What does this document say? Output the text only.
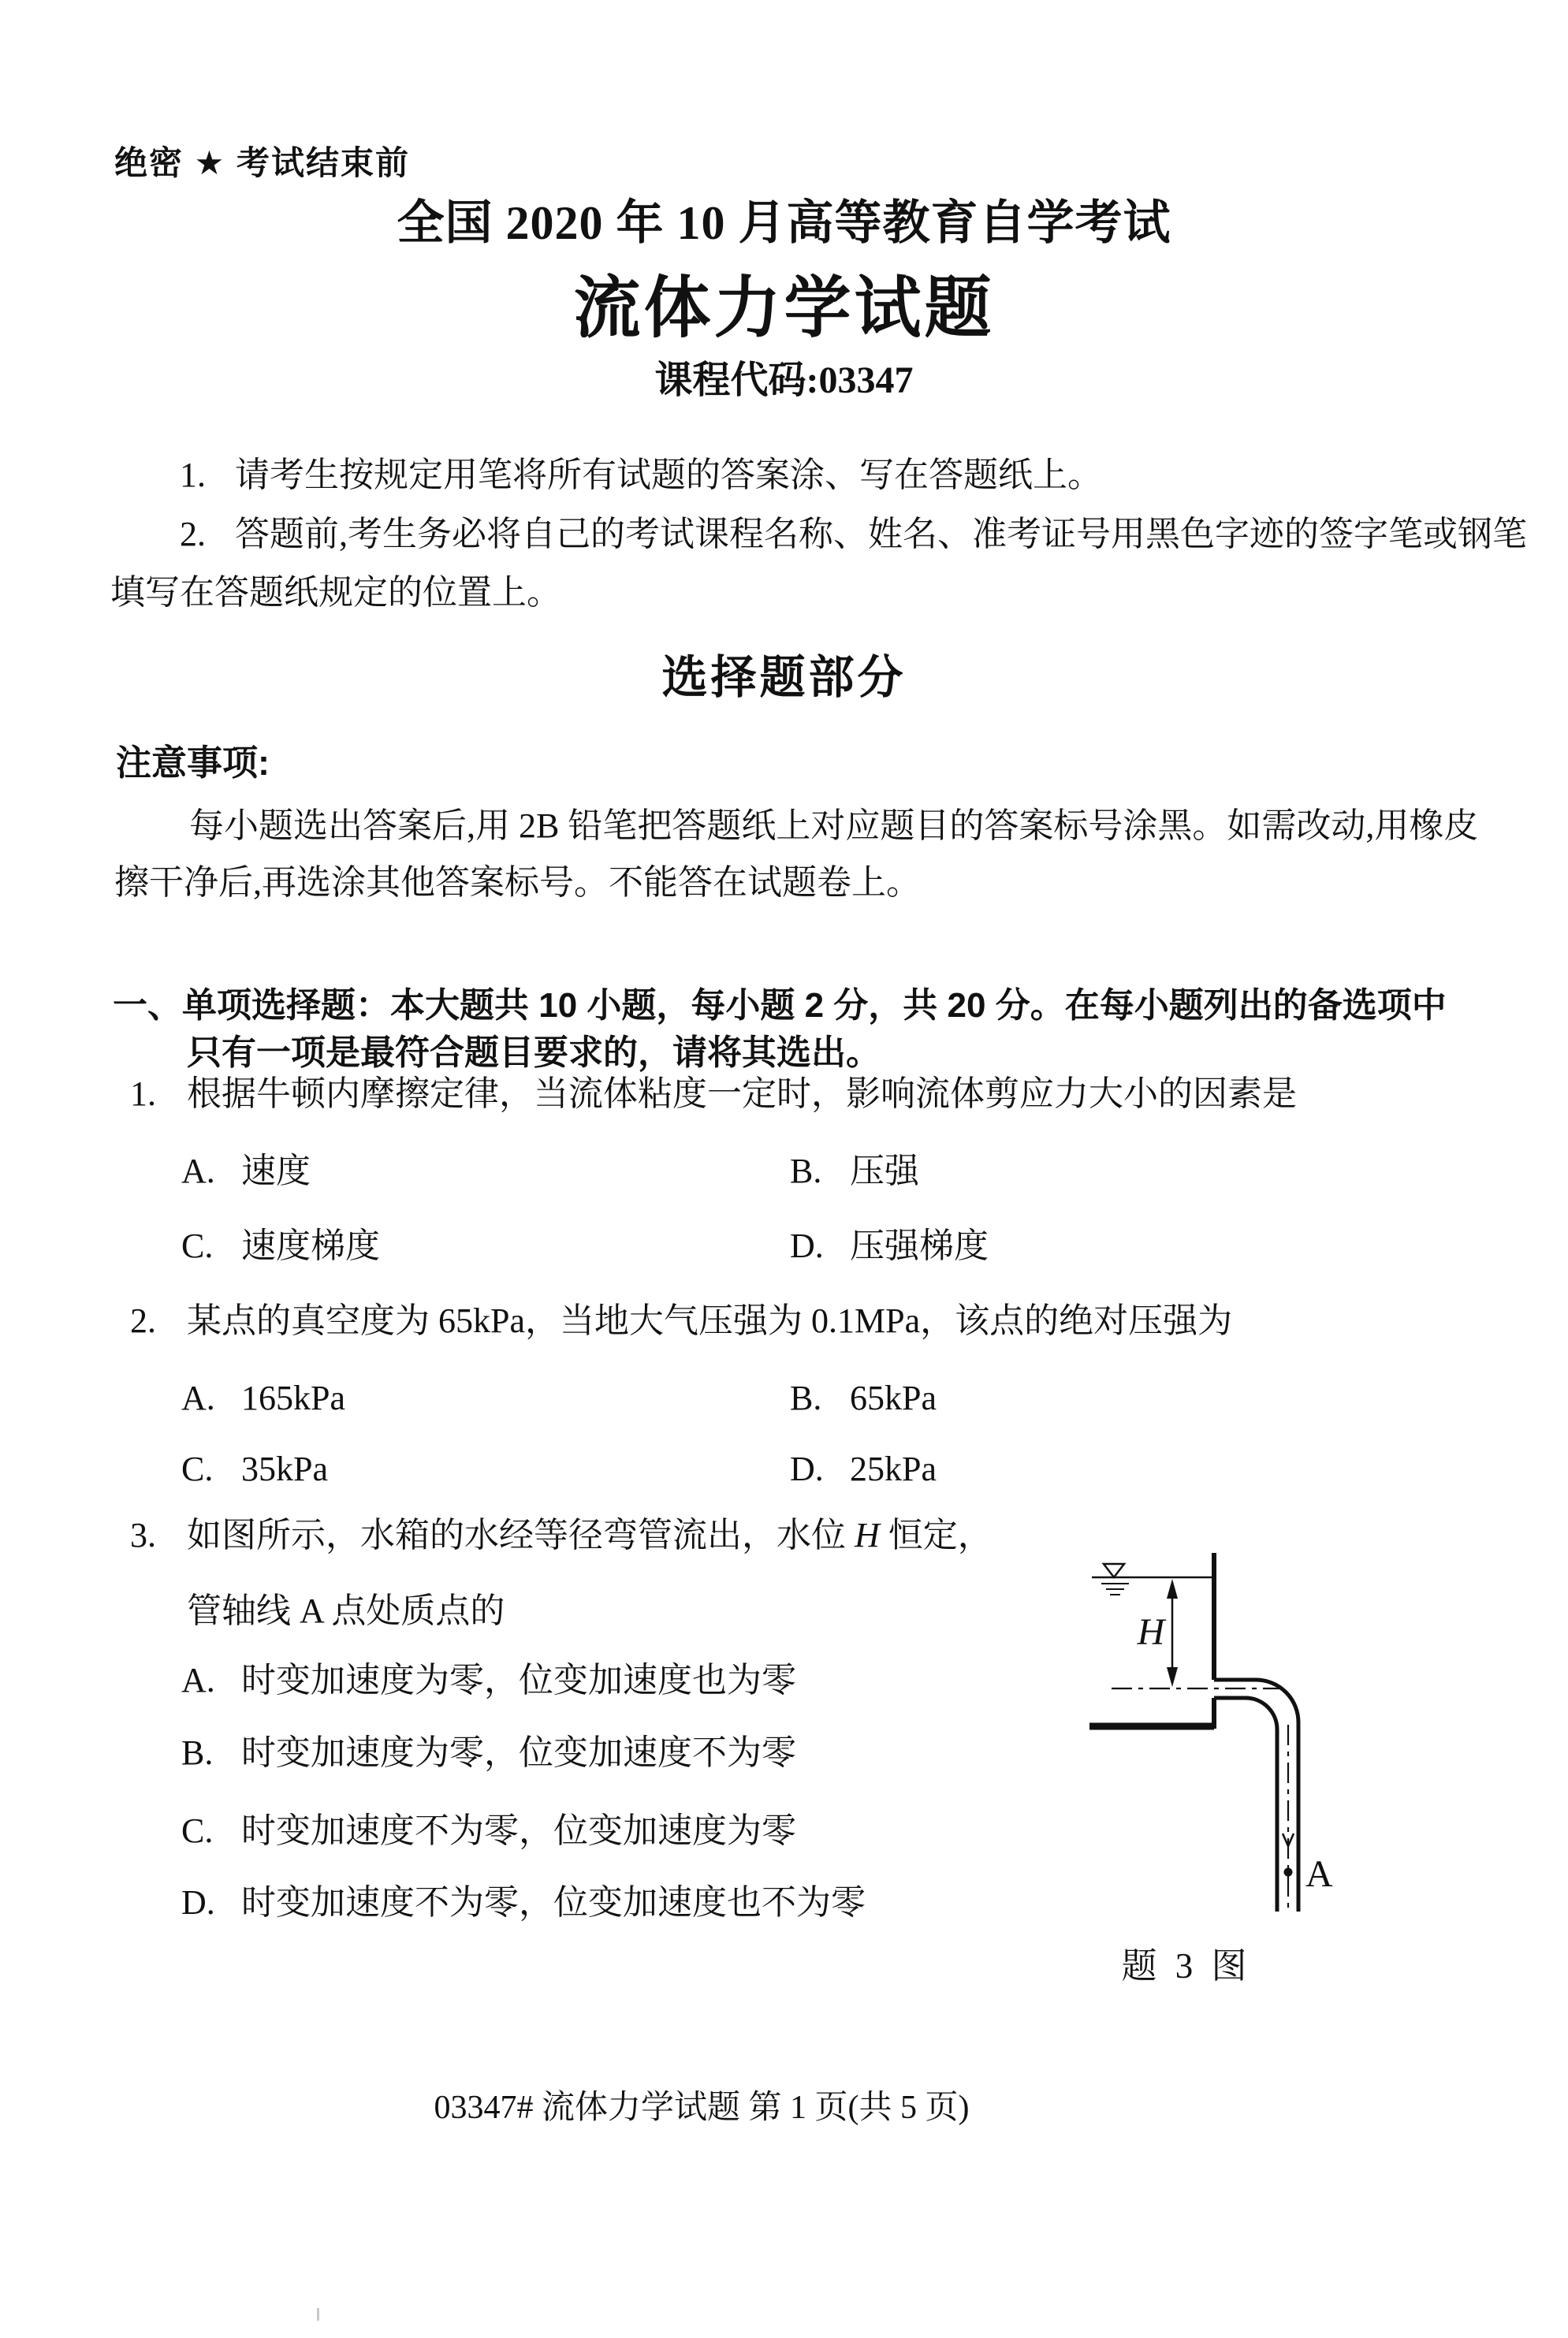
绝密 ★ 考试结束前
全国 2020 年 10 月高等教育自学考试
流体力学试题
课程代码:03347
1. 请考生按规定用笔将所有试题的答案涂、写在答题纸上。
2. 答题前,考生务必将自己的考试课程名称、姓名、准考证号用黑色字迹的签字笔或钢笔
填写在答题纸规定的位置上。
选择题部分
注意事项:
每小题选出答案后,用 2B 铅笔把答题纸上对应题目的答案标号涂黑。如需改动,用橡皮
擦干净后,再选涂其他答案标号。不能答在试题卷上。
一、单项选择题：本大题共 10 小题，每小题 2 分，共 20 分。在每小题列出的备选项中
只有一项是最符合题目要求的，请将其选出。
1. 根据牛顿内摩擦定律，当流体粘度一定时，影响流体剪应力大小的因素是
A. 速度	B. 压强
C. 速度梯度	D. 压强梯度
2. 某点的真空度为 65kPa，当地大气压强为 0.1MPa，该点的绝对压强为
A. 165kPa	B. 65kPa
C. 35kPa	D. 25kPa
3. 如图所示，水箱的水经等径弯管流出，水位 H 恒定，
管轴线 A 点处质点的
A. 时变加速度为零，位变加速度也为零
B. 时变加速度为零，位变加速度不为零
C. 时变加速度不为零，位变加速度为零
D. 时变加速度不为零，位变加速度也不为零
H
A
题 3 图
03347# 流体力学试题 第 1 页(共 5 页)
